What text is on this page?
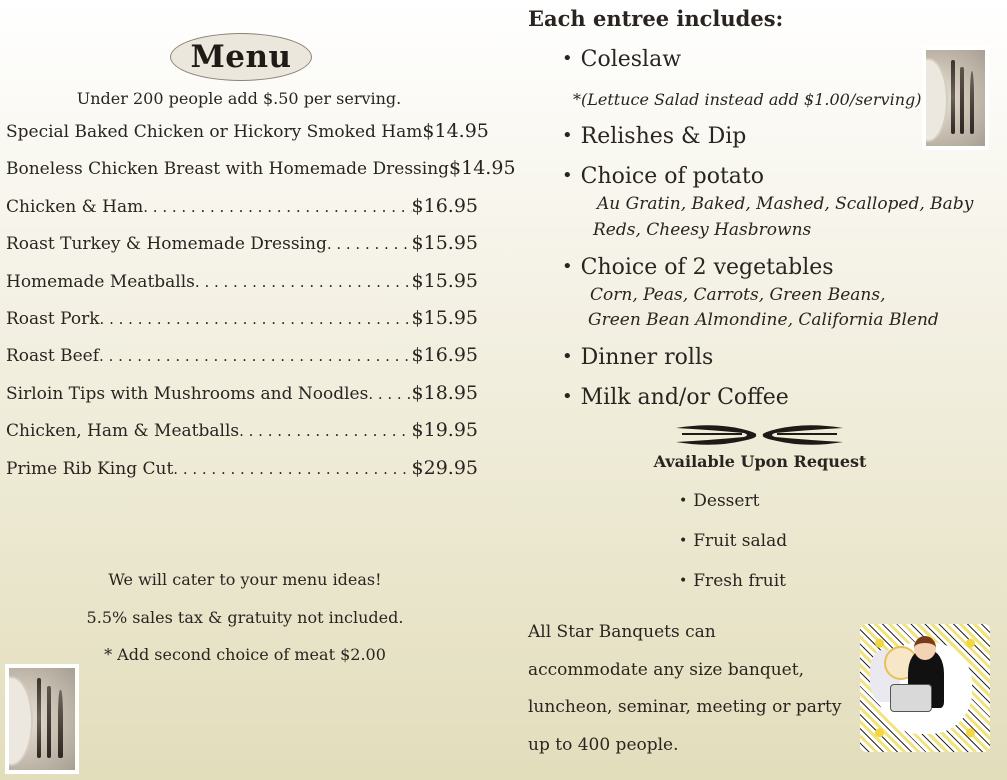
Menu
Under 200 people add $.50 per serving.
Special Baked Chicken or Hickory Smoked Ham $14.95
Boneless Chicken Breast with Homemade Dressing $14.95
Chicken & Ham . . .	$16.95
Roast Turkey & Homemade Dressing . . .	$15.95
Homemade Meatballs . . .	$15.95
Roast Pork . . .	$15.95
Roast Beef . . .	$16.95
Sirloin Tips with Mushrooms and Noodles . . . $18.95
Chicken, Ham & Meatballs . . .	$19.95
Prime Rib King Cut . . .	$29.95
We will cater to your menu ideas!
5.5% sales tax & gratuity not included.
* Add second choice of meat $2.00
Each entree includes:
• Coleslaw
*(Lettuce Salad instead add $1.00/serving)
• Relishes & Dip
• Choice of potato
Au Gratin, Baked, Mashed, Scalloped, Baby
Reds, Cheesy Hasbrowns
• Choice of 2 vegetables
Corn, Peas, Carrots, Green Beans,
Green Bean Almondine, California Blend
• Dinner rolls
• Milk and/or Coffee
Available Upon Request
• Dessert
• Fruit salad
• Fresh fruit
All Star Banquets can
accommodate any size banquet,
luncheon, seminar, meeting or party
up to 400 people.
